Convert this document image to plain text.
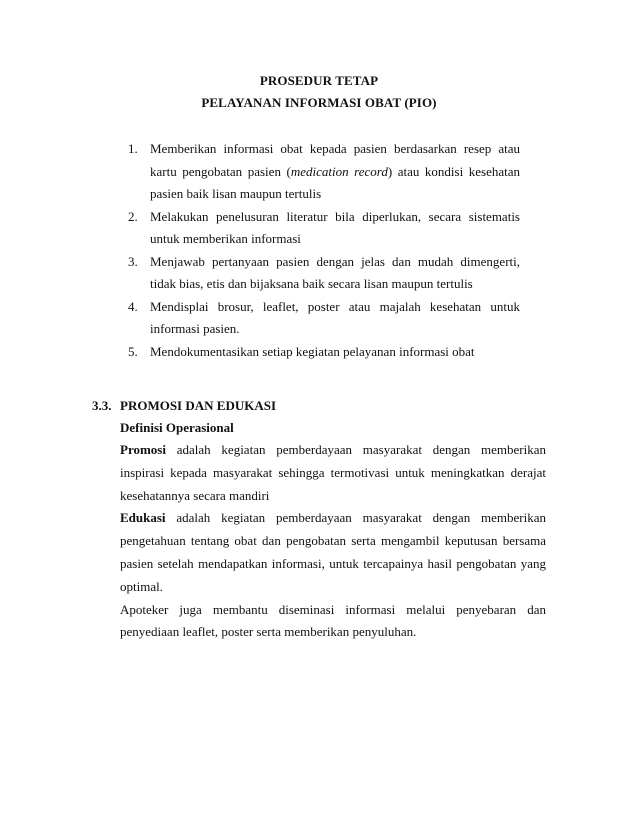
PROSEDUR TETAP
PELAYANAN INFORMASI OBAT (PIO)
1. Memberikan informasi obat kepada pasien berdasarkan resep atau kartu pengobatan pasien (medication record) atau kondisi kesehatan pasien baik lisan maupun tertulis
2. Melakukan penelusuran literatur bila diperlukan, secara sistematis untuk memberikan informasi
3. Menjawab pertanyaan pasien dengan jelas dan mudah dimengerti, tidak bias, etis dan bijaksana baik secara lisan maupun tertulis
4. Mendisplai brosur, leaflet, poster atau majalah kesehatan untuk informasi pasien.
5. Mendokumentasikan setiap kegiatan pelayanan informasi obat
3.3. PROMOSI DAN EDUKASI
Definisi Operasional

Promosi adalah kegiatan pemberdayaan masyarakat dengan memberikan inspirasi kepada masyarakat sehingga termotivasi untuk meningkatkan derajat kesehatannya secara mandiri

Edukasi adalah kegiatan pemberdayaan masyarakat dengan memberikan pengetahuan tentang obat dan pengobatan serta mengambil keputusan bersama pasien setelah mendapatkan informasi, untuk tercapainya hasil pengobatan yang optimal.

Apoteker juga membantu diseminasi informasi melalui penyebaran dan penyediaan leaflet, poster serta memberikan penyuluhan.
